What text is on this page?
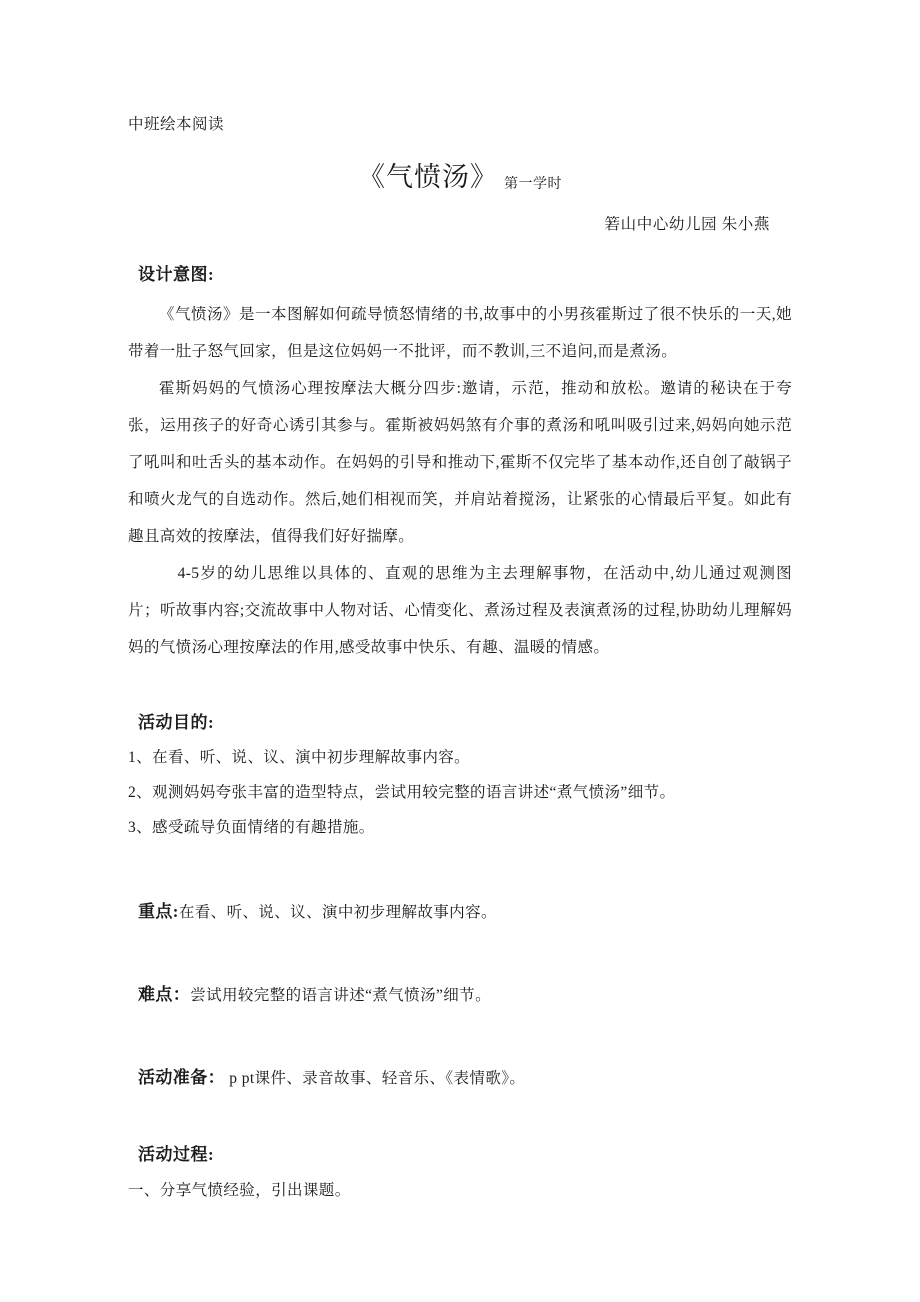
中班绘本阅读

《气愤汤》 第一学时

箬山中心幼儿园 朱小燕

设计意图:

《气愤汤》是一本图解如何疏导愤怒情绪的书,故事中的小男孩霍斯过了很不快乐的一天,她带着一肚子怒气回家，但是这位妈妈一不批评，而不教训,三不追问,而是煮汤。

霍斯妈妈的气愤汤心理按摩法大概分四步:邀请，示范，推动和放松。邀请的秘诀在于夸张，运用孩子的好奇心诱引其参与。霍斯被妈妈煞有介事的煮汤和吼叫吸引过来,妈妈向她示范了吼叫和吐舌头的基本动作。在妈妈的引导和推动下,霍斯不仅完毕了基本动作,还自创了敲锅子和喷火龙气的自选动作。然后,她们相视而笑，并肩站着搅汤，让紧张的心情最后平复。如此有趣且高效的按摩法，值得我们好好揣摩。

4-5岁的幼儿思维以具体的、直观的思维为主去理解事物，在活动中,幼儿通过观测图片；听故事内容;交流故事中人物对话、心情变化、煮汤过程及表演煮汤的过程,协助幼儿理解妈妈的气愤汤心理按摩法的作用,感受故事中快乐、有趣、温暖的情感。

活动目的:
1、在看、听、说、议、演中初步理解故事内容。
2、观测妈妈夸张丰富的造型特点，尝试用较完整的语言讲述“煮气愤汤”细节。
3、感受疏导负面情绪的有趣措施。

重点:在看、听、说、议、演中初步理解故事内容。

难点：尝试用较完整的语言讲述“煮气愤汤”细节。

活动准备： p pt课件、录音故事、轻音乐、《表情歌》。

活动过程:

一、分享气愤经验，引出课题。
